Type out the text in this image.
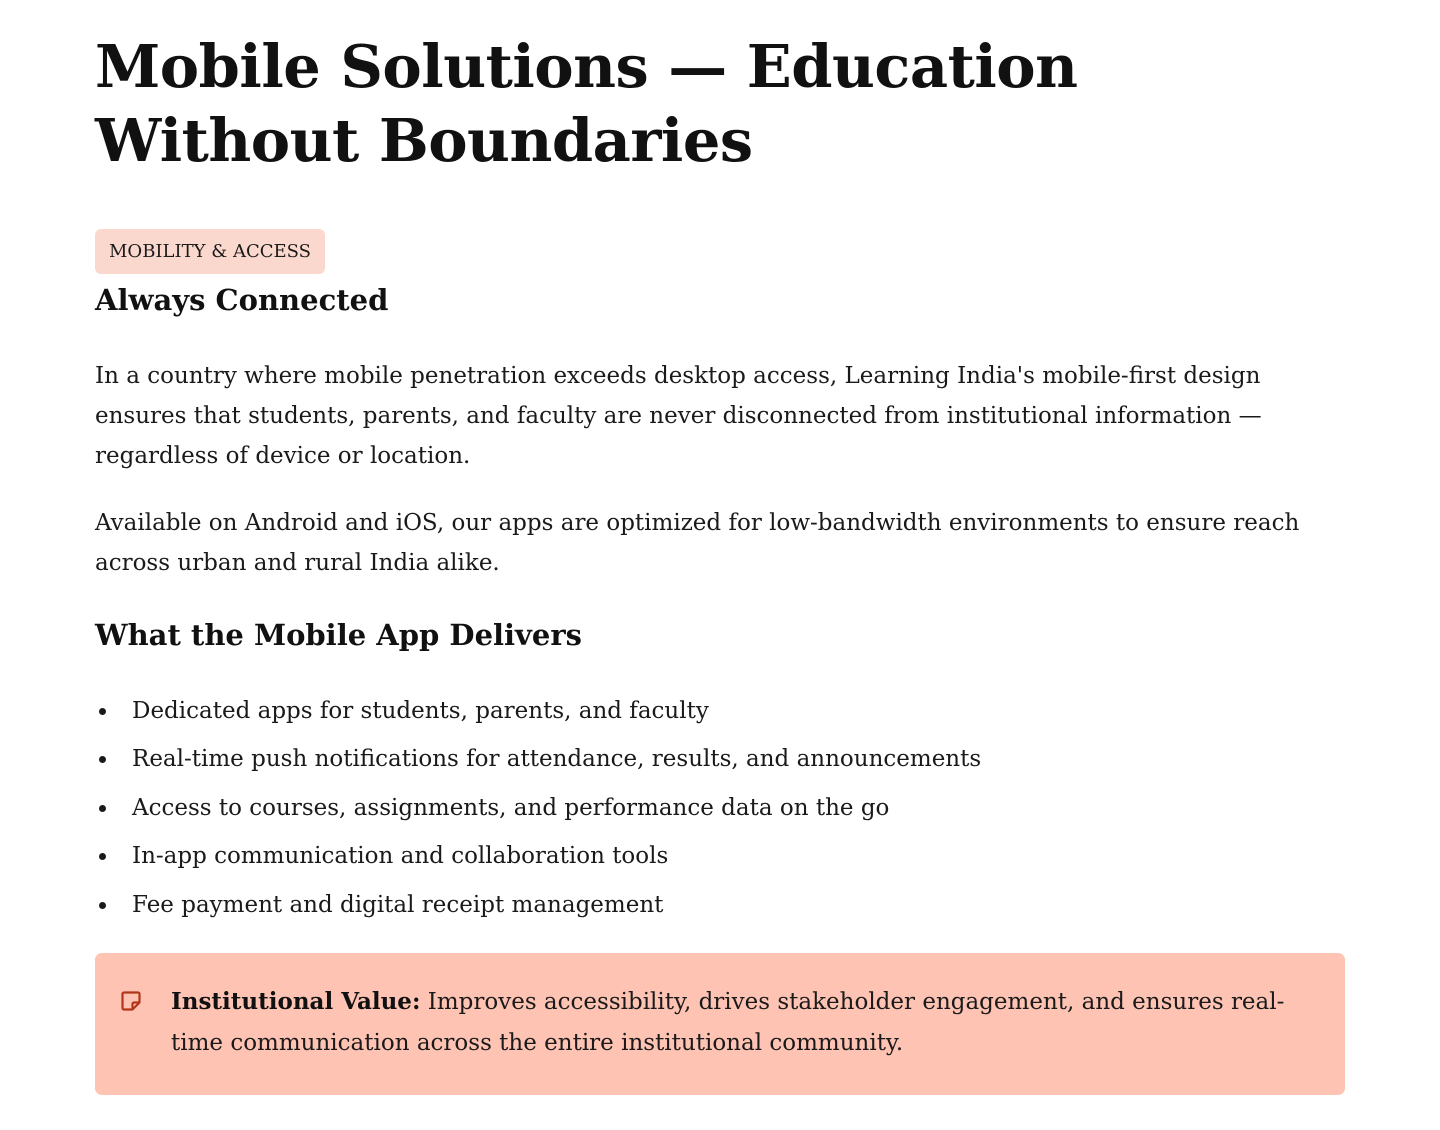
Mobile Solutions — Education Without Boundaries
MOBILITY & ACCESS
Always Connected

In a country where mobile penetration exceeds desktop access, Learning India's mobile-first design ensures that students, parents, and faculty are never disconnected from institutional information — regardless of device or location.

Available on Android and iOS, our apps are optimized for low-bandwidth environments to ensure reach across urban and rural India alike.

What the Mobile App Delivers
Dedicated apps for students, parents, and faculty
Real-time push notifications for attendance, results, and announcements
Access to courses, assignments, and performance data on the go
In-app communication and collaboration tools
Fee payment and digital receipt management

Institutional Value: Improves accessibility, drives stakeholder engagement, and ensures real-time communication across the entire institutional community.
